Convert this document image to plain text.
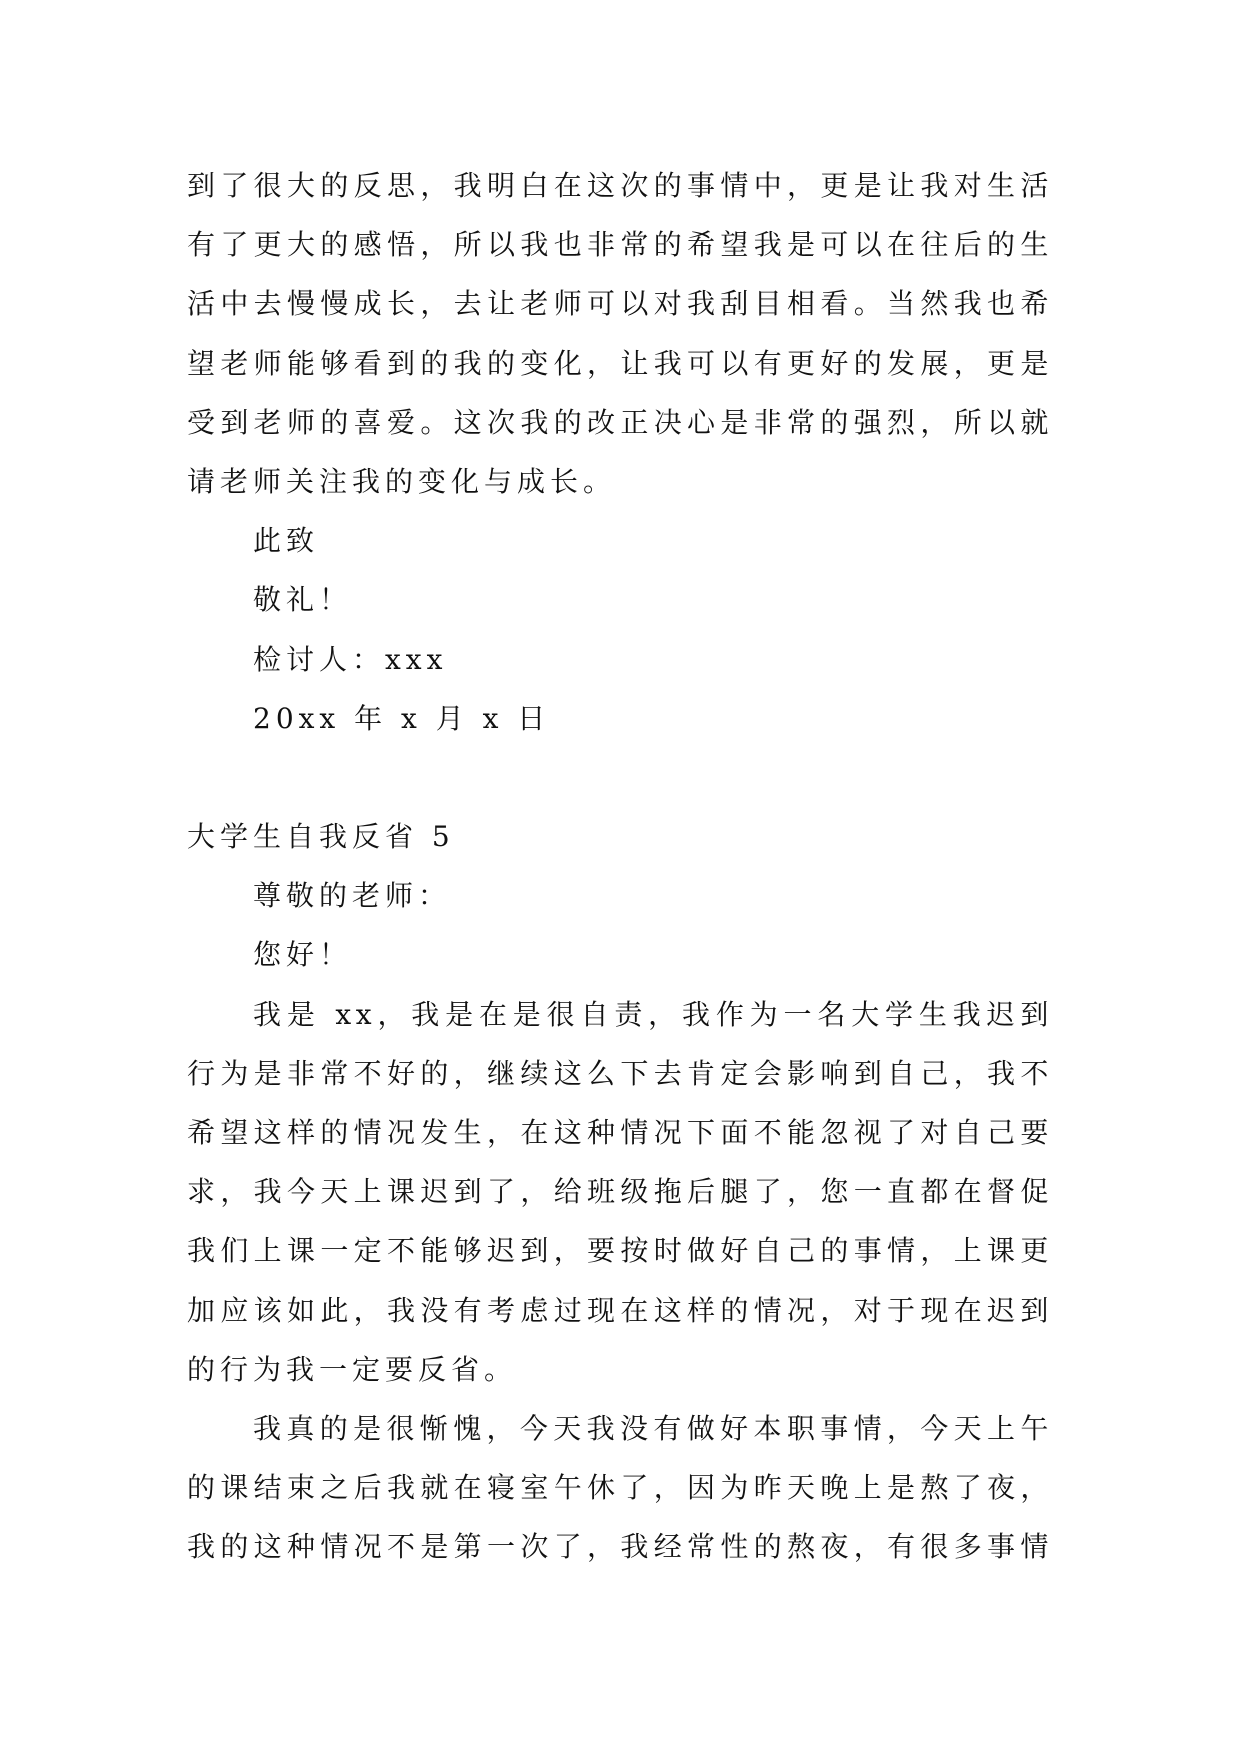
到了很大的反思，我明白在这次的事情中，更是让我对生活
有了更大的感悟，所以我也非常的希望我是可以在往后的生
活中去慢慢成长，去让老师可以对我刮目相看。当然我也希
望老师能够看到的我的变化，让我可以有更好的发展，更是
受到老师的喜爱。这次我的改正决心是非常的强烈，所以就
请老师关注我的变化与成长。
此致
敬礼！
检讨人：xxx
20xx 年 x 月 x 日
大学生自我反省 5
尊敬的老师：
您好！
我是 xx，我是在是很自责，我作为一名大学生我迟到
行为是非常不好的，继续这么下去肯定会影响到自己，我不
希望这样的情况发生，在这种情况下面不能忽视了对自己要
求，我今天上课迟到了，给班级拖后腿了，您一直都在督促
我们上课一定不能够迟到，要按时做好自己的事情，上课更
加应该如此，我没有考虑过现在这样的情况，对于现在迟到
的行为我一定要反省。
我真的是很惭愧，今天我没有做好本职事情，今天上午
的课结束之后我就在寝室午休了，因为昨天晚上是熬了夜，
我的这种情况不是第一次了，我经常性的熬夜，有很多事情
